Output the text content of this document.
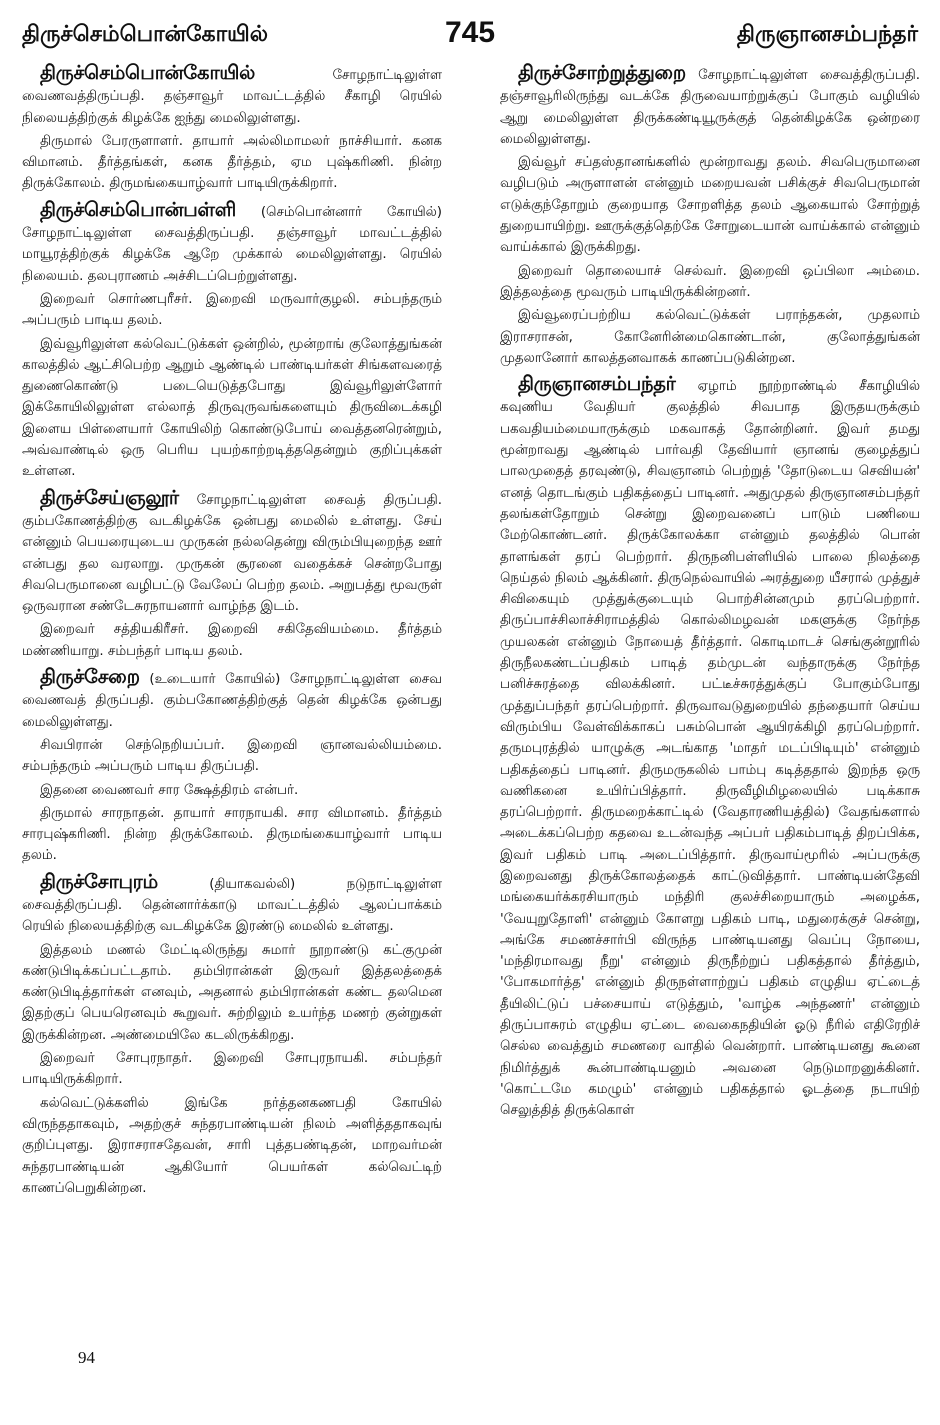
திருச்செம்பொன்கோயில்	745	திருஞானசம்பந்தர்

திருச்செம்பொன்கோயில்	சோழநாட்டிலுள்ள வைணவத்திருப்பதி. தஞ்சாவூர் மாவட்டத்தில் சீகாழி ரெயில் நிலையத்திற்குக் கிழக்கே ஐந்து மைலிலுள்ளது.

திருமால் பேரருளாளர். தாயார் அல்லிமாமலர் நாச்சியார். கனக விமானம். தீர்த்தங்கள், கனக தீர்த்தம், ஏம புஷ்கரிணி. நின்ற திருக்கோலம். திருமங்கையாழ்வார் பாடியிருக்கிறார்.

திருச்செம்பொன்பள்ளி (செம்பொன்னார் கோயில்) சோழநாட்டிலுள்ள சைவத்திருப்பதி. தஞ்சாவூர் மாவட்டத்தில் மாயூரத்திற்குக் கிழக்கே ஆறே முக்கால் மைலிலுள்ளது. ரெயில் நிலையம். தலபுராணம் அச்சிடப்பெற்றுள்ளது.

இறைவர் சொர்ணபுரீசர். இறைவி மருவார்குழலி. சம்பந்தரும் அப்பரும் பாடிய தலம்.

இவ்வூரிலுள்ள கல்வெட்டுக்கள் ஒன்றில், மூன்றாங் குலோத்துங்கன் காலத்தில் ஆட்சிபெற்ற ஆறும் ஆண்டில் பாண்டியர்கள் சிங்களவரைத் துணைகொண்டு படையெடுத்தபோது இவ்வூரிலுள்ளோர் இக்கோயிலிலுள்ள எல்லாத் திருவுருவங்களையும் திருவிடைக்கழி இளைய பிள்ளையார் கோயிலிற் கொண்டுபோய் வைத்தனரென்றும், அவ்வாண்டில் ஒரு பெரிய புயற்காற்றடித்ததென்றும் குறிப்புக்கள் உள்ளன.

திருச்சேய்ஞலூர் சோழநாட்டிலுள்ள சைவத் திருப்பதி. கும்பகோணத்திற்கு வடகிழக்கே ஒன்பது மைலில் உள்ளது. சேய் என்னும் பெயரையுடைய முருகன் நல்லதென்று விரும்பியுறைந்த ஊர் என்பது தல வரலாறு. முருகன் சூரனை வதைக்கச் சென்றபோது சிவபெருமானை வழிபட்டு வேலேப் பெற்ற தலம். அறுபத்து மூவருள் ஒருவரான சண்டேசுரநாயனார் வாழ்ந்த இடம்.

இறைவர் சத்தியகிரீசர். இறைவி சகிதேவியம்மை. தீர்த்தம் மண்ணியாறு. சம்பந்தர் பாடிய தலம்.

திருச்சேறை (உடையார் கோயில்) சோழநாட்டிலுள்ள சைவ வைணவத் திருப்பதி. கும்பகோணத்திற்குத் தென் கிழக்கே ஒன்பது மைலிலுள்ளது.

சிவபிரான் செந்நெறியப்பர். இறைவி ஞானவல்லியம்மை. சம்பந்தரும் அப்பரும் பாடிய திருப்பதி.

இதனை வைணவர் சார க்ஷேத்திரம் என்பர்.

திருமால் சாரநாதன். தாயார் சாரநாயகி. சார விமானம். தீர்த்தம் சாரபுஷ்கரிணி. நின்ற திருக்கோலம். திருமங்கையாழ்வார் பாடிய தலம்.

திருச்சோபுரம்	(தியாகவல்லி) நடுநாட்டிலுள்ள சைவத்திருப்பதி. தென்னார்க்காடு மாவட்டத்தில் ஆலப்பாக்கம் ரெயில் நிலையத்திற்கு வடகிழக்கே இரண்டு மைலில் உள்ளது.

இத்தலம் மணல் மேட்டிலிருந்து சுமார் நூறாண்டு கட்குமுன் கண்டுபிடிக்கப்பட்டதாம். தம்பிரான்கள் இருவர் இத்தலத்தைக் கண்டுபிடித்தார்கள் எனவும், அதனால் தம்பிரான்கள் கண்ட தலமென இதற்குப் பெயரெனவும் கூறுவர். சுற்றிலும் உயர்ந்த மணற் குன்றுகள் இருக்கின்றன. அண்மையிலே கடலிருக்கிறது.

இறைவர் சோபுரநாதர். இறைவி சோபுரநாயகி. சம்பந்தர் பாடியிருக்கிறார்.

கல்வெட்டுக்களில் இங்கே நர்த்தனகணபதி கோயில் விருந்ததாகவும், அதற்குச் சுந்தரபாண்டியன் நிலம் அளித்ததாகவுங் குறிப்புளது. இராசராசதேவன், சாரி புத்தபண்டிதன், மாறவர்மன் சுந்தரபாண்டியன் ஆகியோர் பெயர்கள் கல்வெட்டிற் காணப்பெறுகின்றன.

திருச்சோற்றுத்துறை சோழநாட்டிலுள்ள சைவத்திருப்பதி. தஞ்சாவூரிலிருந்து வடக்கே திருவையாற்றுக்குப் போகும் வழியில் ஆறு மைலிலுள்ள திருக்கண்டியூருக்குத் தென்கிழக்கே ஒன்றரை மைலிலுள்ளது.

இவ்வூர் சப்தஸ்தானங்களில் மூன்றாவது தலம். சிவபெருமானை வழிபடும் அருளாளன் என்னும் மறையவன் பசிக்குச் சிவபெருமான் எடுக்குந்தோறும் குறையாத சோறளித்த தலம் ஆகையால் சோற்றுத் துறையாயிற்று. ஊருக்குத்தெற்கே சோறுடையான் வாய்க்கால் என்னும் வாய்க்கால் இருக்கிறது.

இறைவர் தொலையாச் செல்வர். இறைவி ஒப்பிலா அம்மை. இத்தலத்தை மூவரும் பாடியிருக்கின்றனர்.

இவ்வூரைப்பற்றிய கல்வெட்டுக்கள் பராந்தகன், முதலாம் இராசராசன், கோனேரின்மைகொண்டான், குலோத்துங்கன் முதலானோர் காலத்தனவாகக் காணப்படுகின்றன.

திருஞானசம்பந்தர் ஏழாம் நூற்றாண்டில் சீகாழியில் கவுணிய வேதியர் குலத்தில் சிவபாத இருதயருக்கும் பகவதியம்மையாருக்கும் மகவாகத் தோன்றினர். இவர் தமது மூன்றாவது ஆண்டில் பார்வதி தேவியார் ஞானங் குழைத்துப் பாலமுதைத் தரவுண்டு, சிவஞானம் பெற்றுத் 'தோடுடைய செவியன்' எனத் தொடங்கும் பதிகத்தைப் பாடினர். அதுமுதல் திருஞானசம்பந்தர் தலங்கள்தோறும் சென்று இறைவனைப் பாடும் பணியை மேற்கொண்டனர். திருக்கோலக்கா என்னும் தலத்தில் பொன் தாளங்கள் தரப் பெற்றார். திருநனிபள்ளியில் பாலை நிலத்தை நெய்தல் நிலம் ஆக்கினர். திருநெல்வாயில் அரத்துறை யீசரால் முத்துச் சிவிகையும் முத்துக்குடையும் பொற்சின்னமும் தரப்பெற்றார். திருப்பாச்சிலாச்சிராமத்தில் கொல்லிமழவன் மகளுக்கு நேர்ந்த முயலகன் என்னும் நோயைத் தீர்த்தார். கொடிமாடச் செங்குன்றூரில் திருநீலகண்டப்பதிகம் பாடித் தம்முடன் வந்தாருக்கு நேர்ந்த பனிச்சுரத்தை விலக்கினர். பட்டீச்சுரத்துக்குப் போகும்போது முத்துப்பந்தர் தரப்பெற்றார். திருவாவடுதுறையில் தந்தையார் செய்ய விரும்பிய வேள்விக்காகப் பசும்பொன் ஆயிரக்கிழி தரப்பெற்றார். தருமபுரத்தில் யாழுக்கு அடங்காத 'மாதர் மடப்பிடியும்' என்னும் பதிகத்தைப் பாடினர். திருமருகலில் பாம்பு கடித்ததால் இறந்த ஒரு வணிகனை உயிர்ப்பித்தார். திருவீழிமிழலையில் படிக்காசு தரப்பெற்றார். திருமறைக்காட்டில் (வேதாரணியத்தில்) வேதங்களால் அடைக்கப்பெற்ற கதவை உடன்வந்த அப்பர் பதிகம்பாடித் திறப்பிக்க, இவர் பதிகம் பாடி அடைப்பித்தார். திருவாய்மூரில் அப்பருக்கு இறைவனது திருக்கோலத்தைக் காட்டுவித்தார். பாண்டியன்தேவி மங்கையர்க்கரசியாரும் மந்திரி குலச்சிறையாரும் அழைக்க, 'வேயுறுதோளி' என்னும் கோளறு பதிகம் பாடி, மதுரைக்குச் சென்று, அங்கே சமணச்சார்பி விருந்த பாண்டியனது வெப்பு நோயை, 'மந்திரமாவது நீறு' என்னும் திருநீற்றுப் பதிகத்தால் தீர்த்தும், 'போகமார்த்த' என்னும் திருநள்ளாற்றுப் பதிகம் எழுதிய ஏட்டைத் தீயிலிட்டுப் பச்சையாய் எடுத்தும், 'வாழ்க அந்தணர்' என்னும் திருப்பாசுரம் எழுதிய ஏட்டை வைகைநதியின் ஓடு நீரில் எதிரேறிச் செல்ல வைத்தும் சமணரை வாதில் வென்றார். பாண்டியனது கூனை நிமிர்த்துக் கூன்பாண்டியனும் அவனை நெடுமாறனுக்கினர். 'கொட்டமே கமழும்' என்னும் பதிகத்தால் ஓடத்தை நடாயிற் செலுத்தித் திருக்கொள்

94
